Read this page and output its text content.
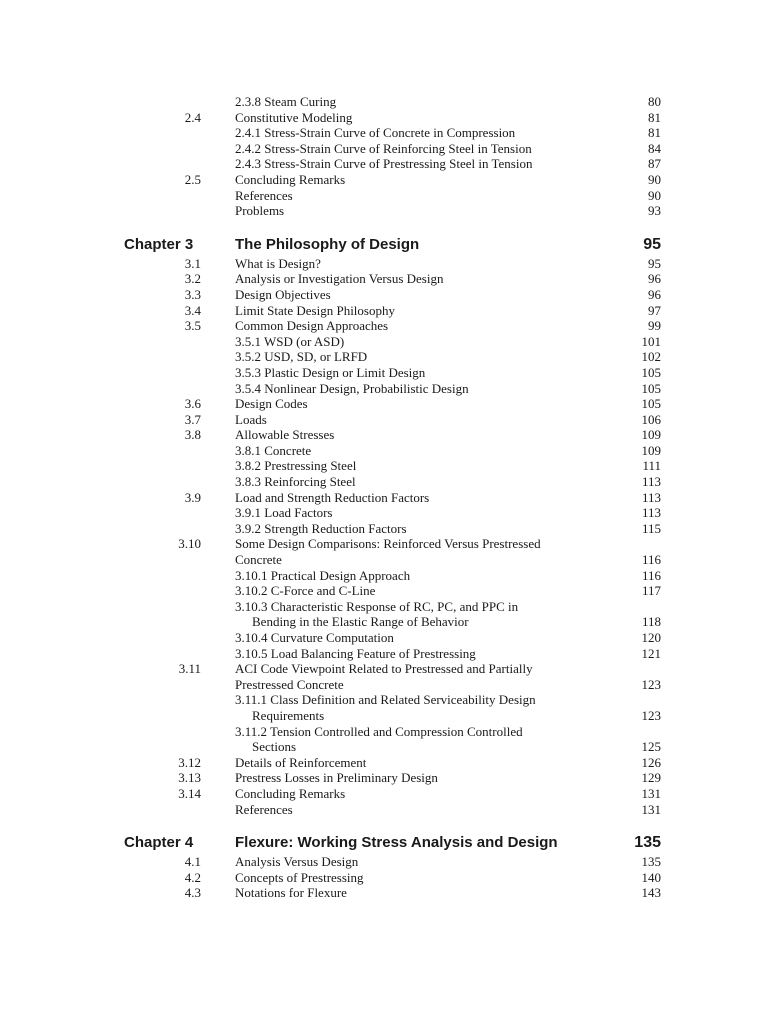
2.3.8 Steam Curing	80
2.4	Constitutive Modeling	81
2.4.1 Stress-Strain Curve of Concrete in Compression	81
2.4.2 Stress-Strain Curve of Reinforcing Steel in Tension	84
2.4.3 Stress-Strain Curve of Prestressing Steel in Tension	87
2.5	Concluding Remarks	90
References	90
Problems	93
Chapter 3	The Philosophy of Design	95
3.1	What is Design?	95
3.2	Analysis or Investigation Versus Design	96
3.3	Design Objectives	96
3.4	Limit State Design Philosophy	97
3.5	Common Design Approaches	99
3.5.1 WSD (or ASD)	101
3.5.2 USD, SD, or LRFD	102
3.5.3 Plastic Design or Limit Design	105
3.5.4 Nonlinear Design, Probabilistic Design	105
3.6	Design Codes	105
3.7	Loads	106
3.8	Allowable Stresses	109
3.8.1 Concrete	109
3.8.2 Prestressing Steel	111
3.8.3 Reinforcing Steel	113
3.9	Load and Strength Reduction Factors	113
3.9.1 Load Factors	113
3.9.2 Strength Reduction Factors	115
3.10	Some Design Comparisons: Reinforced Versus Prestressed
Concrete	116
3.10.1 Practical Design Approach	116
3.10.2 C-Force and C-Line	117
3.10.3 Characteristic Response of RC, PC, and PPC in
Bending in the Elastic Range of Behavior	118
3.10.4 Curvature Computation	120
3.10.5 Load Balancing Feature of Prestressing	121
3.11	ACI Code Viewpoint Related to Prestressed and Partially
Prestressed Concrete	123
3.11.1 Class Definition and Related Serviceability Design
Requirements	123
3.11.2 Tension Controlled and Compression Controlled
Sections	125
3.12	Details of Reinforcement	126
3.13	Prestress Losses in Preliminary Design	129
3.14	Concluding Remarks	131
References	131
Chapter 4	Flexure: Working Stress Analysis and Design	135
4.1	Analysis Versus Design	135
4.2	Concepts of Prestressing	140
4.3	Notations for Flexure	143
